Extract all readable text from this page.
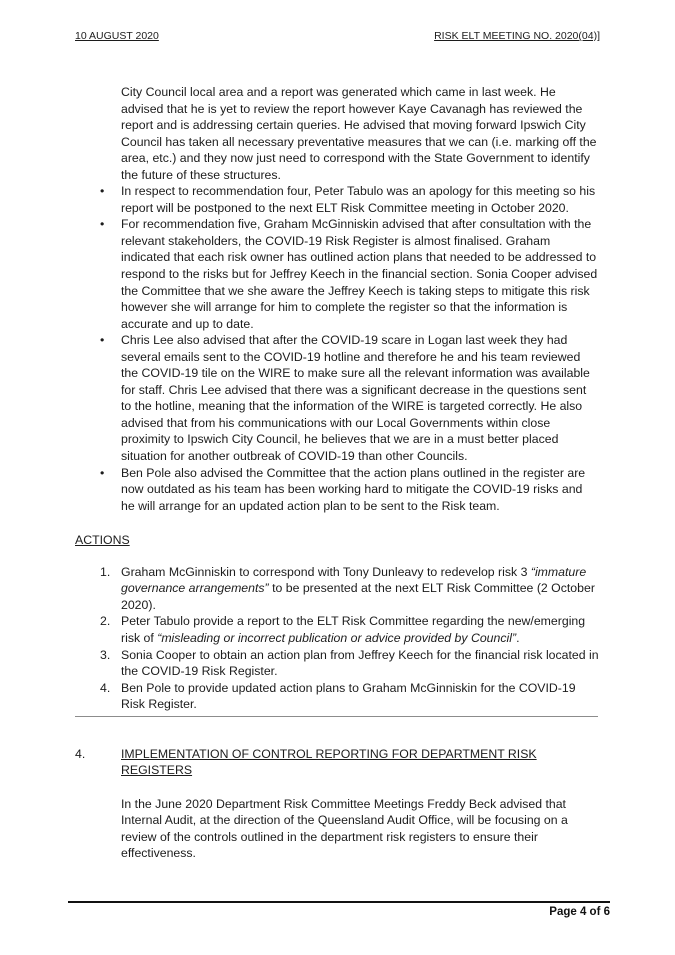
10 AUGUST 2020	RISK ELT MEETING NO. 2020(04)]

City Council local area and a report was generated which came in last week. He advised that he is yet to review the report however Kaye Cavanagh has reviewed the report and is addressing certain queries. He advised that moving forward Ipswich City Council has taken all necessary preventative measures that we can (i.e. marking off the area, etc.) and they now just need to correspond with the State Government to identify the future of these structures.

• In respect to recommendation four, Peter Tabulo was an apology for this meeting so his report will be postponed to the next ELT Risk Committee meeting in October 2020.
• For recommendation five, Graham McGinniskin advised that after consultation with the relevant stakeholders, the COVID-19 Risk Register is almost finalised. Graham indicated that each risk owner has outlined action plans that needed to be addressed to respond to the risks but for Jeffrey Keech in the financial section. Sonia Cooper advised the Committee that we she aware the Jeffrey Keech is taking steps to mitigate this risk however she will arrange for him to complete the register so that the information is accurate and up to date.
• Chris Lee also advised that after the COVID-19 scare in Logan last week they had several emails sent to the COVID-19 hotline and therefore he and his team reviewed the COVID-19 tile on the WIRE to make sure all the relevant information was available for staff. Chris Lee advised that there was a significant decrease in the questions sent to the hotline, meaning that the information of the WIRE is targeted correctly. He also advised that from his communications with our Local Governments within close proximity to Ipswich City Council, he believes that we are in a must better placed situation for another outbreak of COVID-19 than other Councils.
• Ben Pole also advised the Committee that the action plans outlined in the register are now outdated as his team has been working hard to mitigate the COVID-19 risks and he will arrange for an updated action plan to be sent to the Risk team.
ACTIONS
1. Graham McGinniskin to correspond with Tony Dunleavy to redevelop risk 3 “immature governance arrangements” to be presented at the next ELT Risk Committee (2 October 2020).
2. Peter Tabulo provide a report to the ELT Risk Committee regarding the new/emerging risk of “misleading or incorrect publication or advice provided by Council”.
3. Sonia Cooper to obtain an action plan from Jeffrey Keech for the financial risk located in the COVID-19 Risk Register.
4. Ben Pole to provide updated action plans to Graham McGinniskin for the COVID-19 Risk Register.
4.	IMPLEMENTATION OF CONTROL REPORTING FOR DEPARTMENT RISK REGISTERS

In the June 2020 Department Risk Committee Meetings Freddy Beck advised that Internal Audit, at the direction of the Queensland Audit Office, will be focusing on a review of the controls outlined in the department risk registers to ensure their effectiveness.

Page 4 of 6
